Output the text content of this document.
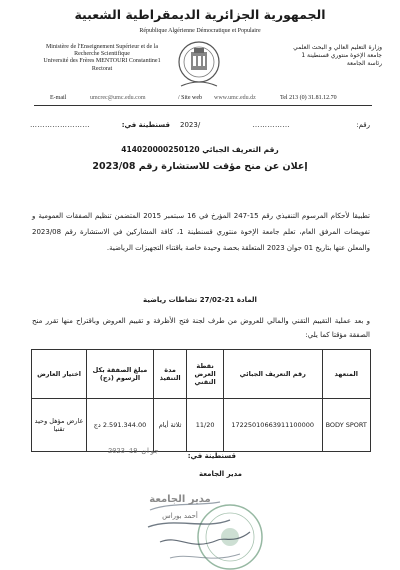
الجمهورية الجزائرية الديمقراطية الشعبية
République Algérienne Démocratique et Populaire
Ministère de l'Enseignement Supérieur et de la
Recherche Scientifique
Université des Frères MENTOURI Constantine1
Rectorat
وزارة التعليم العالي و البحث العلمي
جامعة الإخوة منتوري قسنطينة 1
رئاسة الجامعة
E-mail	umcrec@umc.edu.com	/ Site web www.umc.edu.dz	Tel 213 (0) 31.81.12.70
رقم:
……………
2023/
قسنطينة في:
……………………
رقم التعريف الجبائي 414020000250120
إعلان عن منح مؤقت للاستشارة رقم 2023/08
تطبيقا لأحكام المرسوم التنفيذي رقم 15-247 المؤرخ في 16 سبتمبر 2015 المتضمن تنظيم الصفقات العمومية و تفويضات المرفق العام، تعلم جامعة الإخوة منتوري قسنطينة 1، كافة المشاركين في الاستشارة رقم 2023/08 والمعلن عنها بتاريخ 01 جوان 2023 المتعلقة بحصة وحيدة خاصة باقتناء التجهيزات الرياضية.
المادة 21-27/02 نشاطات رياضية
و بعد عملية التقييم التقني والمالي للعروض من طرف لجنة فتح الأظرفة و تقييم العروض وباقتراح منها تقرر منح الصفقة مؤقتا كما يلي:
المتعهد	رقم التعريف الجبائي	نقطة العرض التقني	مدة التنفيذ	مبلغ الصفقة بكل الرسوم (دج)	اختيار العارض
BODY SPORT	17225010663911100000	11/20	ثلاثة أيام	2.591.344.00 دج	عارض مؤهل وحيد تقنيا
2023 جوان 19	قسنطينة في:
مدير الجامعة
مدير الجامعة
أحمد بوراس
